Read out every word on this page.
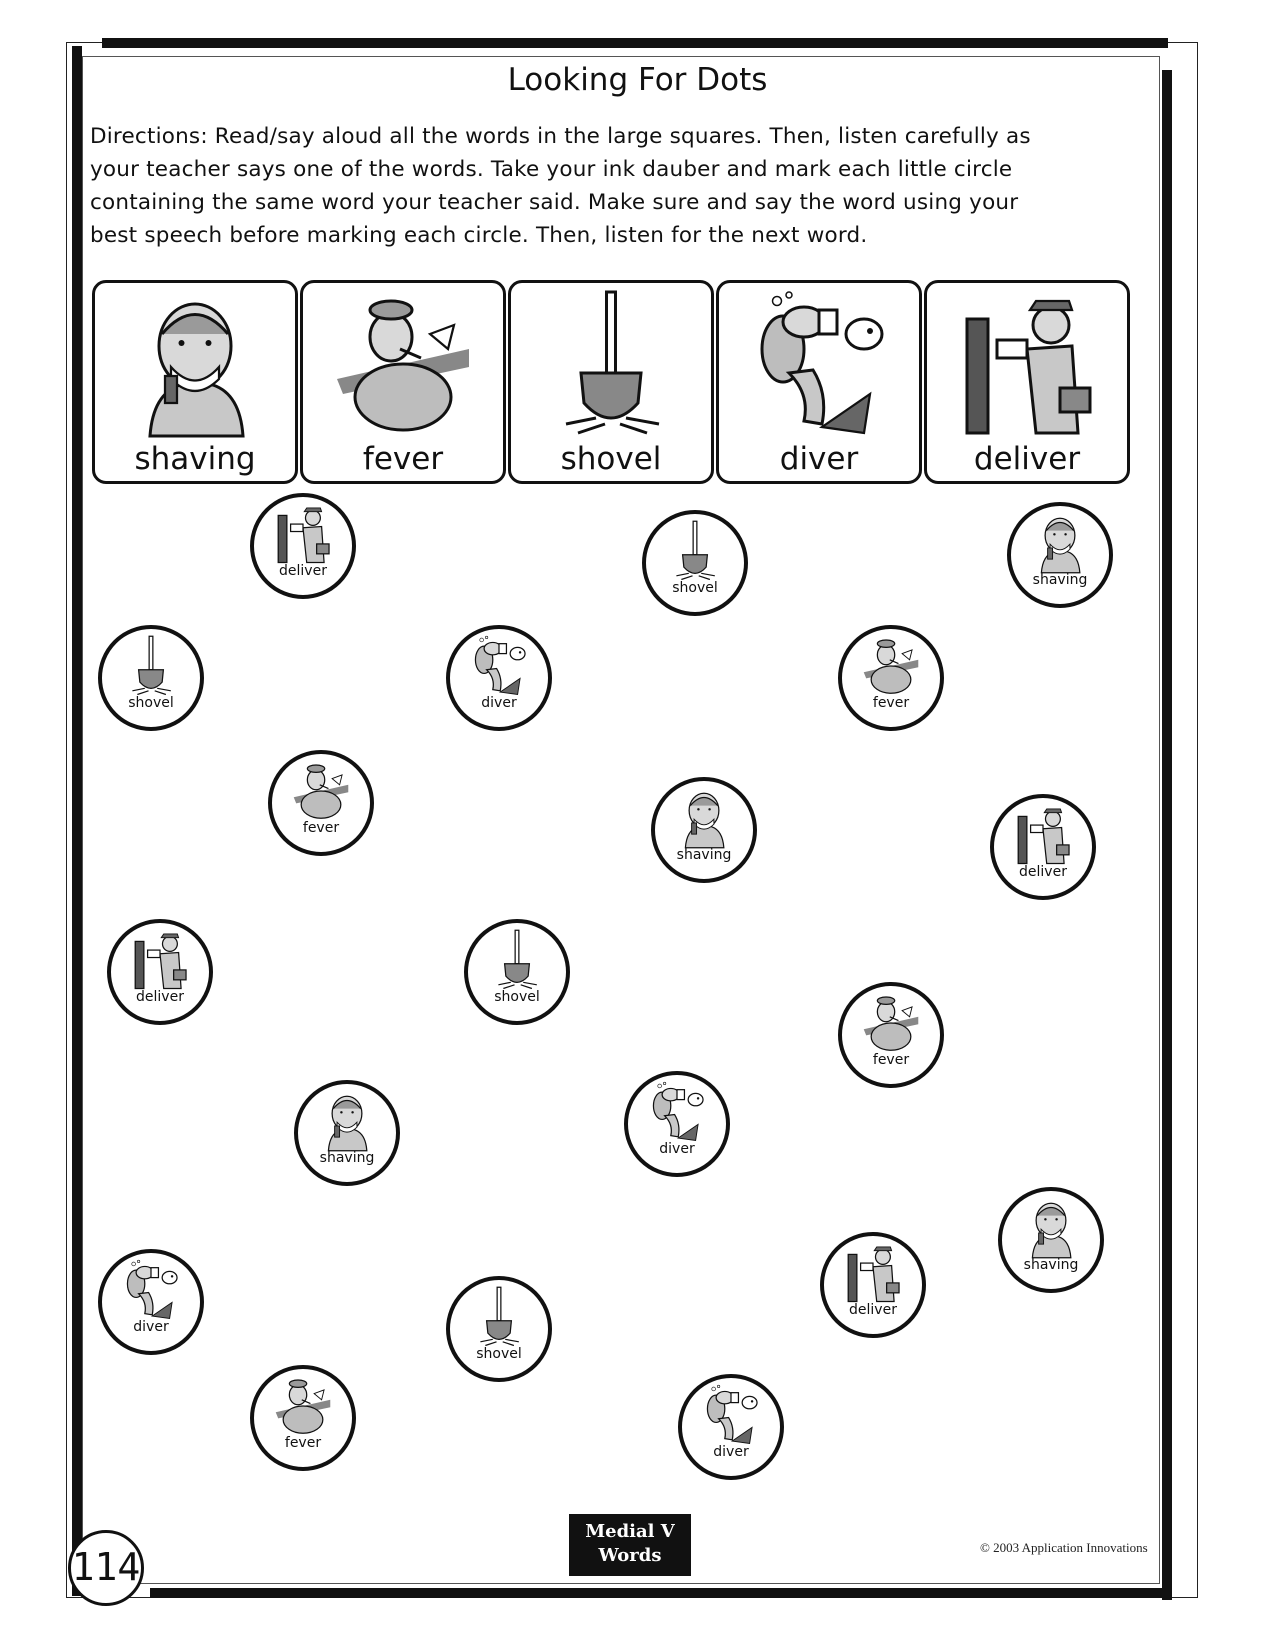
Looking For Dots
Directions: Read/say aloud all the words in the large squares. Then, listen carefully as
your teacher says one of the words. Take your ink dauber and mark each little circle
containing the same word your teacher said. Make sure and say the word using your
best speech before marking each circle. Then, listen for the next word.
shaving	fever	shovel	diver	deliver
deliver
shovel	shaving
shovel	diver	fever
fever
shaving
deliver
deliver	shovel
fever
shaving
diver
shaving
deliver
diver
shovel
fever
diver
114
Medial V
Words	© 2003 Application Innovations
